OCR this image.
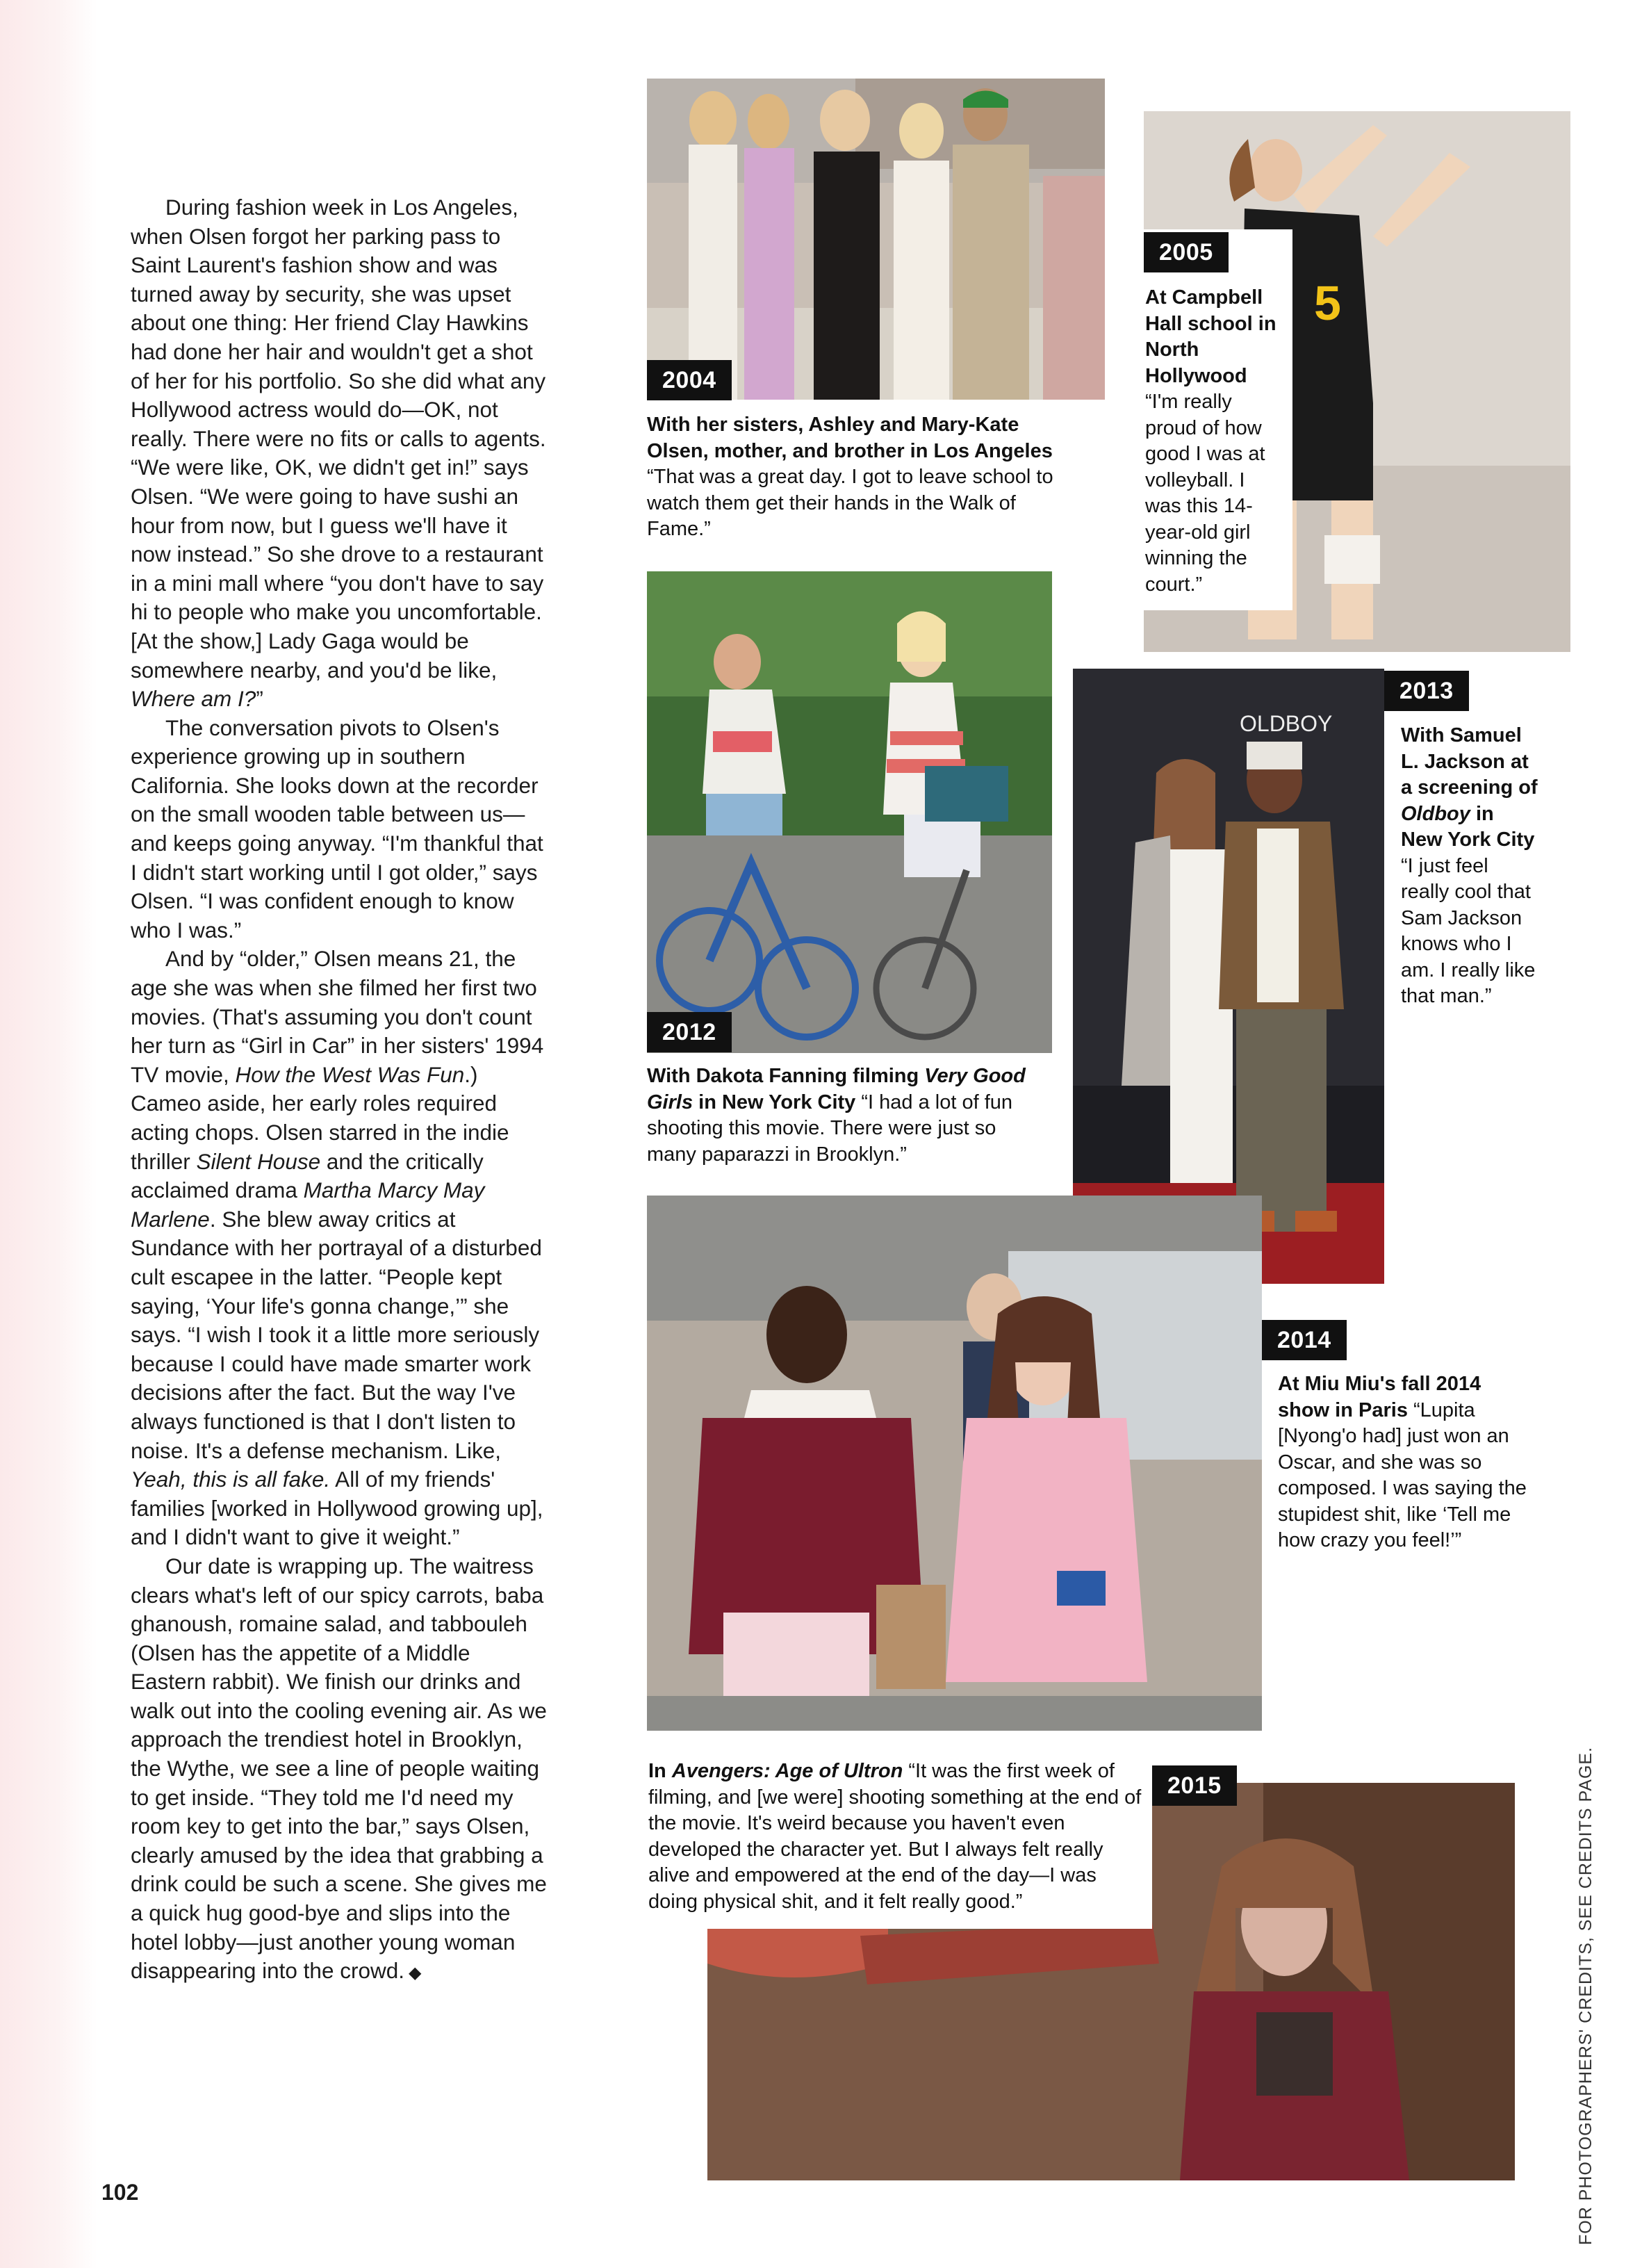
During fashion week in Los Angeles, when Olsen forgot her parking pass to Saint Laurent's fashion show and was turned away by security, she was upset about one thing: Her friend Clay Hawkins had done her hair and wouldn't get a shot of her for his portfolio. So she did what any Hollywood actress would do—OK, not really. There were no fits or calls to agents. “We were like, OK, we didn't get in!” says Olsen. “We were going to have sushi an hour from now, but I guess we'll have it now instead.” So she drove to a restaurant in a mini mall where “you don't have to say hi to people who make you uncomfortable. [At the show,] Lady Gaga would be somewhere nearby, and you'd be like, Where am I?”

The conversation pivots to Olsen's experience growing up in southern California. She looks down at the recorder on the small wooden table between us—and keeps going anyway. “I'm thankful that I didn't start working until I got older,” says Olsen. “I was confident enough to know who I was.”

And by “older,” Olsen means 21, the age she was when she filmed her first two movies. (That's assuming you don't count her turn as “Girl in Car” in her sisters' 1994 TV movie, How the West Was Fun.) Cameo aside, her early roles required acting chops. Olsen starred in the indie thriller Silent House and the critically acclaimed drama Martha Marcy May Marlene. She blew away critics at Sundance with her portrayal of a disturbed cult escapee in the latter. “People kept saying, ‘Your life's gonna change,’” she says. “I wish I took it a little more seriously because I could have made smarter work decisions after the fact. But the way I've always functioned is that I don't listen to noise. It's a defense mechanism. Like, Yeah, this is all fake. All of my friends' families [worked in Hollywood growing up], and I didn't want to give it weight.”

Our date is wrapping up. The waitress clears what's left of our spicy carrots, baba ghanoush, romaine salad, and tabbouleh (Olsen has the appetite of a Middle Eastern rabbit). We finish our drinks and walk out into the cooling evening air. As we approach the trendiest hotel in Brooklyn, the Wythe, we see a line of people waiting to get inside. “They told me I'd need my room key to get into the bar,” says Olsen, clearly amused by the idea that grabbing a drink could be such a scene. She gives me a quick hug good-bye and slips into the hotel lobby—just another young woman disappearing into the crowd. ◆

102	FOR PHOTOGRAPHERS' CREDITS, SEE CREDITS PAGE.
2004
With her sisters, Ashley and Mary-Kate Olsen, mother, and brother in Los Angeles “That was a great day. I got to leave school to watch them get their hands in the Walk of Fame.”
5
2005
At Campbell Hall school in North Hollywood “I'm really proud of how good I was at volleyball. I was this 14-year-old girl winning the court.”
2012
With Dakota Fanning filming Very Good Girls in New York City “I had a lot of fun shooting this movie. There were just so many paparazzi in Brooklyn.”
OLDBOY
2013
With Samuel L. Jackson at a screening of Oldboy in New York City “I just feel really cool that Sam Jackson knows who I am. I really like that man.”
2014
At Miu Miu's fall 2014 show in Paris “Lupita [Nyong'o had] just won an Oscar, and she was so composed. I was saying the stupidest shit, like ‘Tell me how crazy you feel!’”
2015
In Avengers: Age of Ultron “It was the first week of filming, and [we were] shooting something at the end of the movie. It's weird because you haven't even developed the character yet. But I always felt really alive and empowered at the end of the day—I was doing physical shit, and it felt really good.”
